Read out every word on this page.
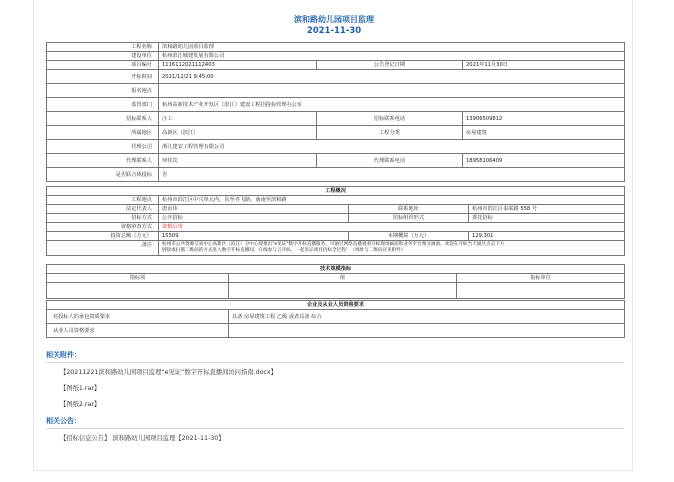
滨和路幼儿园项目监理
2021-11-30
工程名称	滨和路幼儿园项目监理		
建设单位	杭州滨江城建发展有限公司		
项目编号	1116112021112403	公告登记日期	2021年11月30日
开标时间	2021/12/21 9:45:00		
报名地点			
监管部门	杭州高新技术产业开发区（滨江）建设工程招投标管理办公室		
招标联系人	汪工	招标联系电话	13906509812
所属地区	高新区（滨江）	工程分类	房屋建筑
代理公司	浙江建安工程管理有限公司		
代理联系人	何佳宾	代理联系电话	18958106409
是否联合体投标	否		
工程概况			
工程地点	杭州市滨江区中兴单元内，东至齐飞路，南南至滨和路		
法定代表人	唐贞伟	联系地址	杭州市滨江区泰联路 558 号
招标方式	公开招标	招标组织形式	委托招标
资格审查方式	资格后审		
投资总额（万元）	15509	本期概算（万元）	129.301
备注	杭州市公共资源交易中心高新区（滨江）分中心现推出"e见证"数字开标直播服务，可通过网络直播观看开标现场画面和业务平台图文画面。欢迎在开标当天通过点击下方
链接或扫描二维码的方式进入数字开标直播间，在线参与云开标。一起见证项目招标全过程！（网址与二维码详见附件）		
技术规模指标		
指标项	值	指标单位

企业及从业人员资格要求	
对投标人的承包资质要求	具备 房屋建筑工程 乙级 或者具备 综合
从业人员资格要求	
相关附件：
【20211221滨和路幼儿园项目监理“e见证”数字开标直播间访问指南.docx】
【图纸1.rar】
【图纸2.rar】
相关公告：
【招标信息公告】 滨和路幼儿园项目监理【2021-11-30】
